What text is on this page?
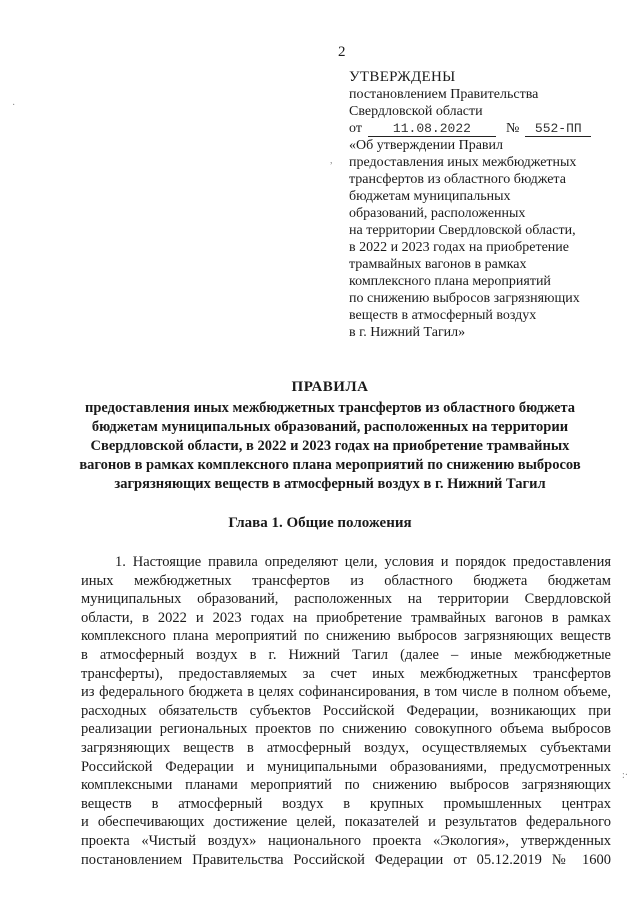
2
УТВЕРЖДЕНЫ
постановлением Правительства
Свердловской области
от	11.08.2022	№	552-ПП
«Об утверждении Правил
предоставления иных межбюджетных
трансфертов из областного бюджета
бюджетам муниципальных
образований, расположенных
на территории Свердловской области,
в 2022 и 2023 годах на приобретение
трамвайных вагонов в рамках
комплексного плана мероприятий
по снижению выбросов загрязняющих
веществ в атмосферный воздух
в г. Нижний Тагил»
ПРАВИЛА
предоставления иных межбюджетных трансфертов из областного бюджета
бюджетам муниципальных образований, расположенных на территории
Свердловской области, в 2022 и 2023 годах на приобретение трамвайных
вагонов в рамках комплексного плана мероприятий по снижению выбросов
загрязняющих веществ в атмосферный воздух в г. Нижний Тагил
Глава 1. Общие положения
1. Настоящие правила определяют цели, условия и порядок предоставления
иных межбюджетных трансфертов из областного бюджета бюджетам
муниципальных образований, расположенных на территории Свердловской
области, в 2022 и 2023 годах на приобретение трамвайных вагонов в рамках
комплексного плана мероприятий по снижению выбросов загрязняющих веществ
в атмосферный воздух в г. Нижний Тагил (далее – иные межбюджетные
трансферты), предоставляемых за счет иных межбюджетных трансфертов
из федерального бюджета в целях софинансирования, в том числе в полном объеме,
расходных обязательств субъектов Российской Федерации, возникающих при
реализации региональных проектов по снижению совокупного объема выбросов
загрязняющих веществ в атмосферный воздух, осуществляемых субъектами
Российской Федерации и муниципальными образованиями, предусмотренных
комплексными планами мероприятий по снижению выбросов загрязняющих
веществ в атмосферный воздух в крупных промышленных центрах
и обеспечивающих достижение целей, показателей и результатов федерального
проекта «Чистый воздух» национального проекта «Экология», утвержденных
постановлением Правительства Российской Федерации от 05.12.2019 № 1600
·
,
:·
